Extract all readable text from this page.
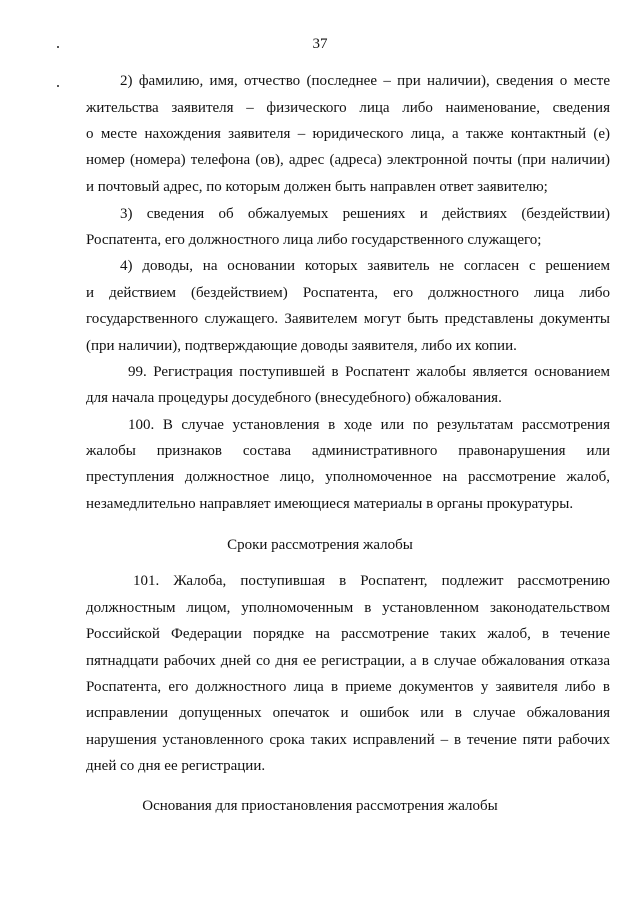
37
2) фамилию, имя, отчество (последнее – при наличии), сведения о месте
жительства заявителя – физического лица либо наименование, сведения
о месте нахождения заявителя – юридического лица, а также контактный (е)
номер (номера) телефона (ов), адрес (адреса) электронной почты (при наличии)
и почтовый адрес, по которым должен быть направлен ответ заявителю;
3) сведения об обжалуемых решениях и действиях (бездействии)
Роспатента, его должностного лица либо государственного служащего;
4) доводы, на основании которых заявитель не согласен с решением
и действием (бездействием) Роспатента, его должностного лица либо
государственного служащего. Заявителем могут быть представлены документы
(при наличии), подтверждающие доводы заявителя, либо их копии.
99. Регистрация поступившей в Роспатент жалобы является основанием
для начала процедуры досудебного (внесудебного) обжалования.
100. В случае установления в ходе или по результатам рассмотрения
жалобы признаков состава административного правонарушения или
преступления должностное лицо, уполномоченное на рассмотрение жалоб,
незамедлительно направляет имеющиеся материалы в органы прокуратуры.
Сроки рассмотрения жалобы
101. Жалоба, поступившая в Роспатент, подлежит рассмотрению
должностным лицом, уполномоченным в установленном законодательством
Российской Федерации порядке на рассмотрение таких жалоб, в течение
пятнадцати рабочих дней со дня ее регистрации, а в случае обжалования отказа
Роспатента, его должностного лица в приеме документов у заявителя либо в
исправлении допущенных опечаток и ошибок или в случае обжалования
нарушения установленного срока таких исправлений – в течение пяти рабочих
дней со дня ее регистрации.
Основания для приостановления рассмотрения жалобы
